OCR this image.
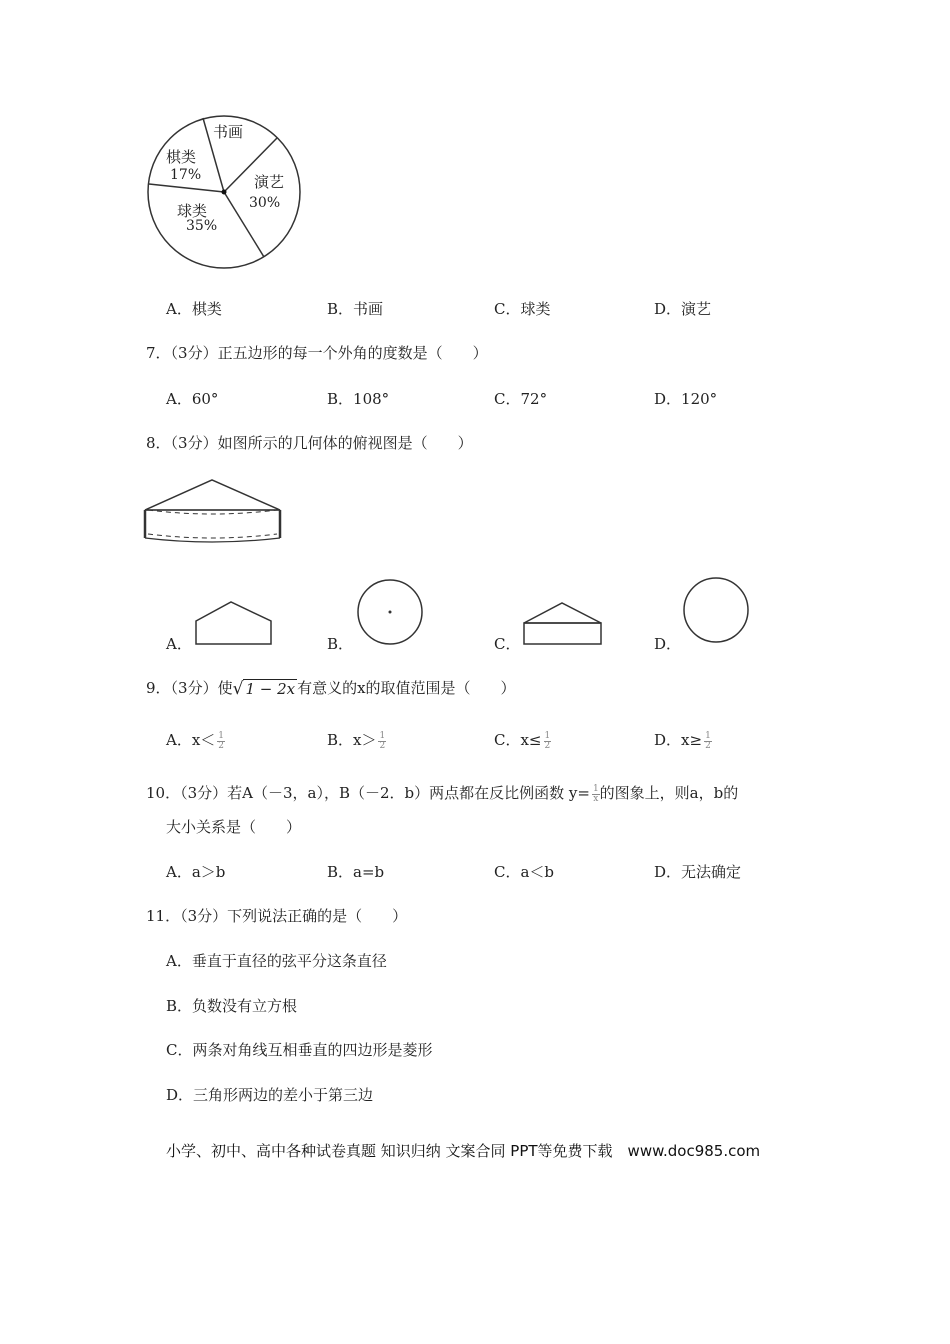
书画
棋类
17%	演艺
30%
球类
35%
A．棋类	B．书画	C．球类	D．演艺
7．（3分）正五边形的每一个外角的度数是（　　）
A．60°	B．108°	C．72°	D．120°
8．（3分）如图所示的几何体的俯视图是（　　）
A．	B．	C．	D．
9．（3分）使√ 1 − 2x 有意义的x的取值范围是（　　）
A．$x< \frac{1}{2}$	B．$x> \frac{1}{2}$	C．$x\le \frac{1}{2}$	D．$x\ge \frac{1}{2}$
10．（3分）若A（－3，a），B（－2．b）两点都在反比例函数 $y= \frac{1}{x}$ 的图象上，则a，b的
大小关系是（　　）
A．a＞b	B．a=b	C．a＜b	D．无法确定
11．（3分）下列说法正确的是（　　）
A．垂直于直径的弦平分这条直径
B．负数没有立方根
C．两条对角线互相垂直的四边形是菱形
D．三角形两边的差小于第三边
小学、初中、高中各种试卷真题 知识归纳 文案合同 PPT等免费下载　www.doc985.com
